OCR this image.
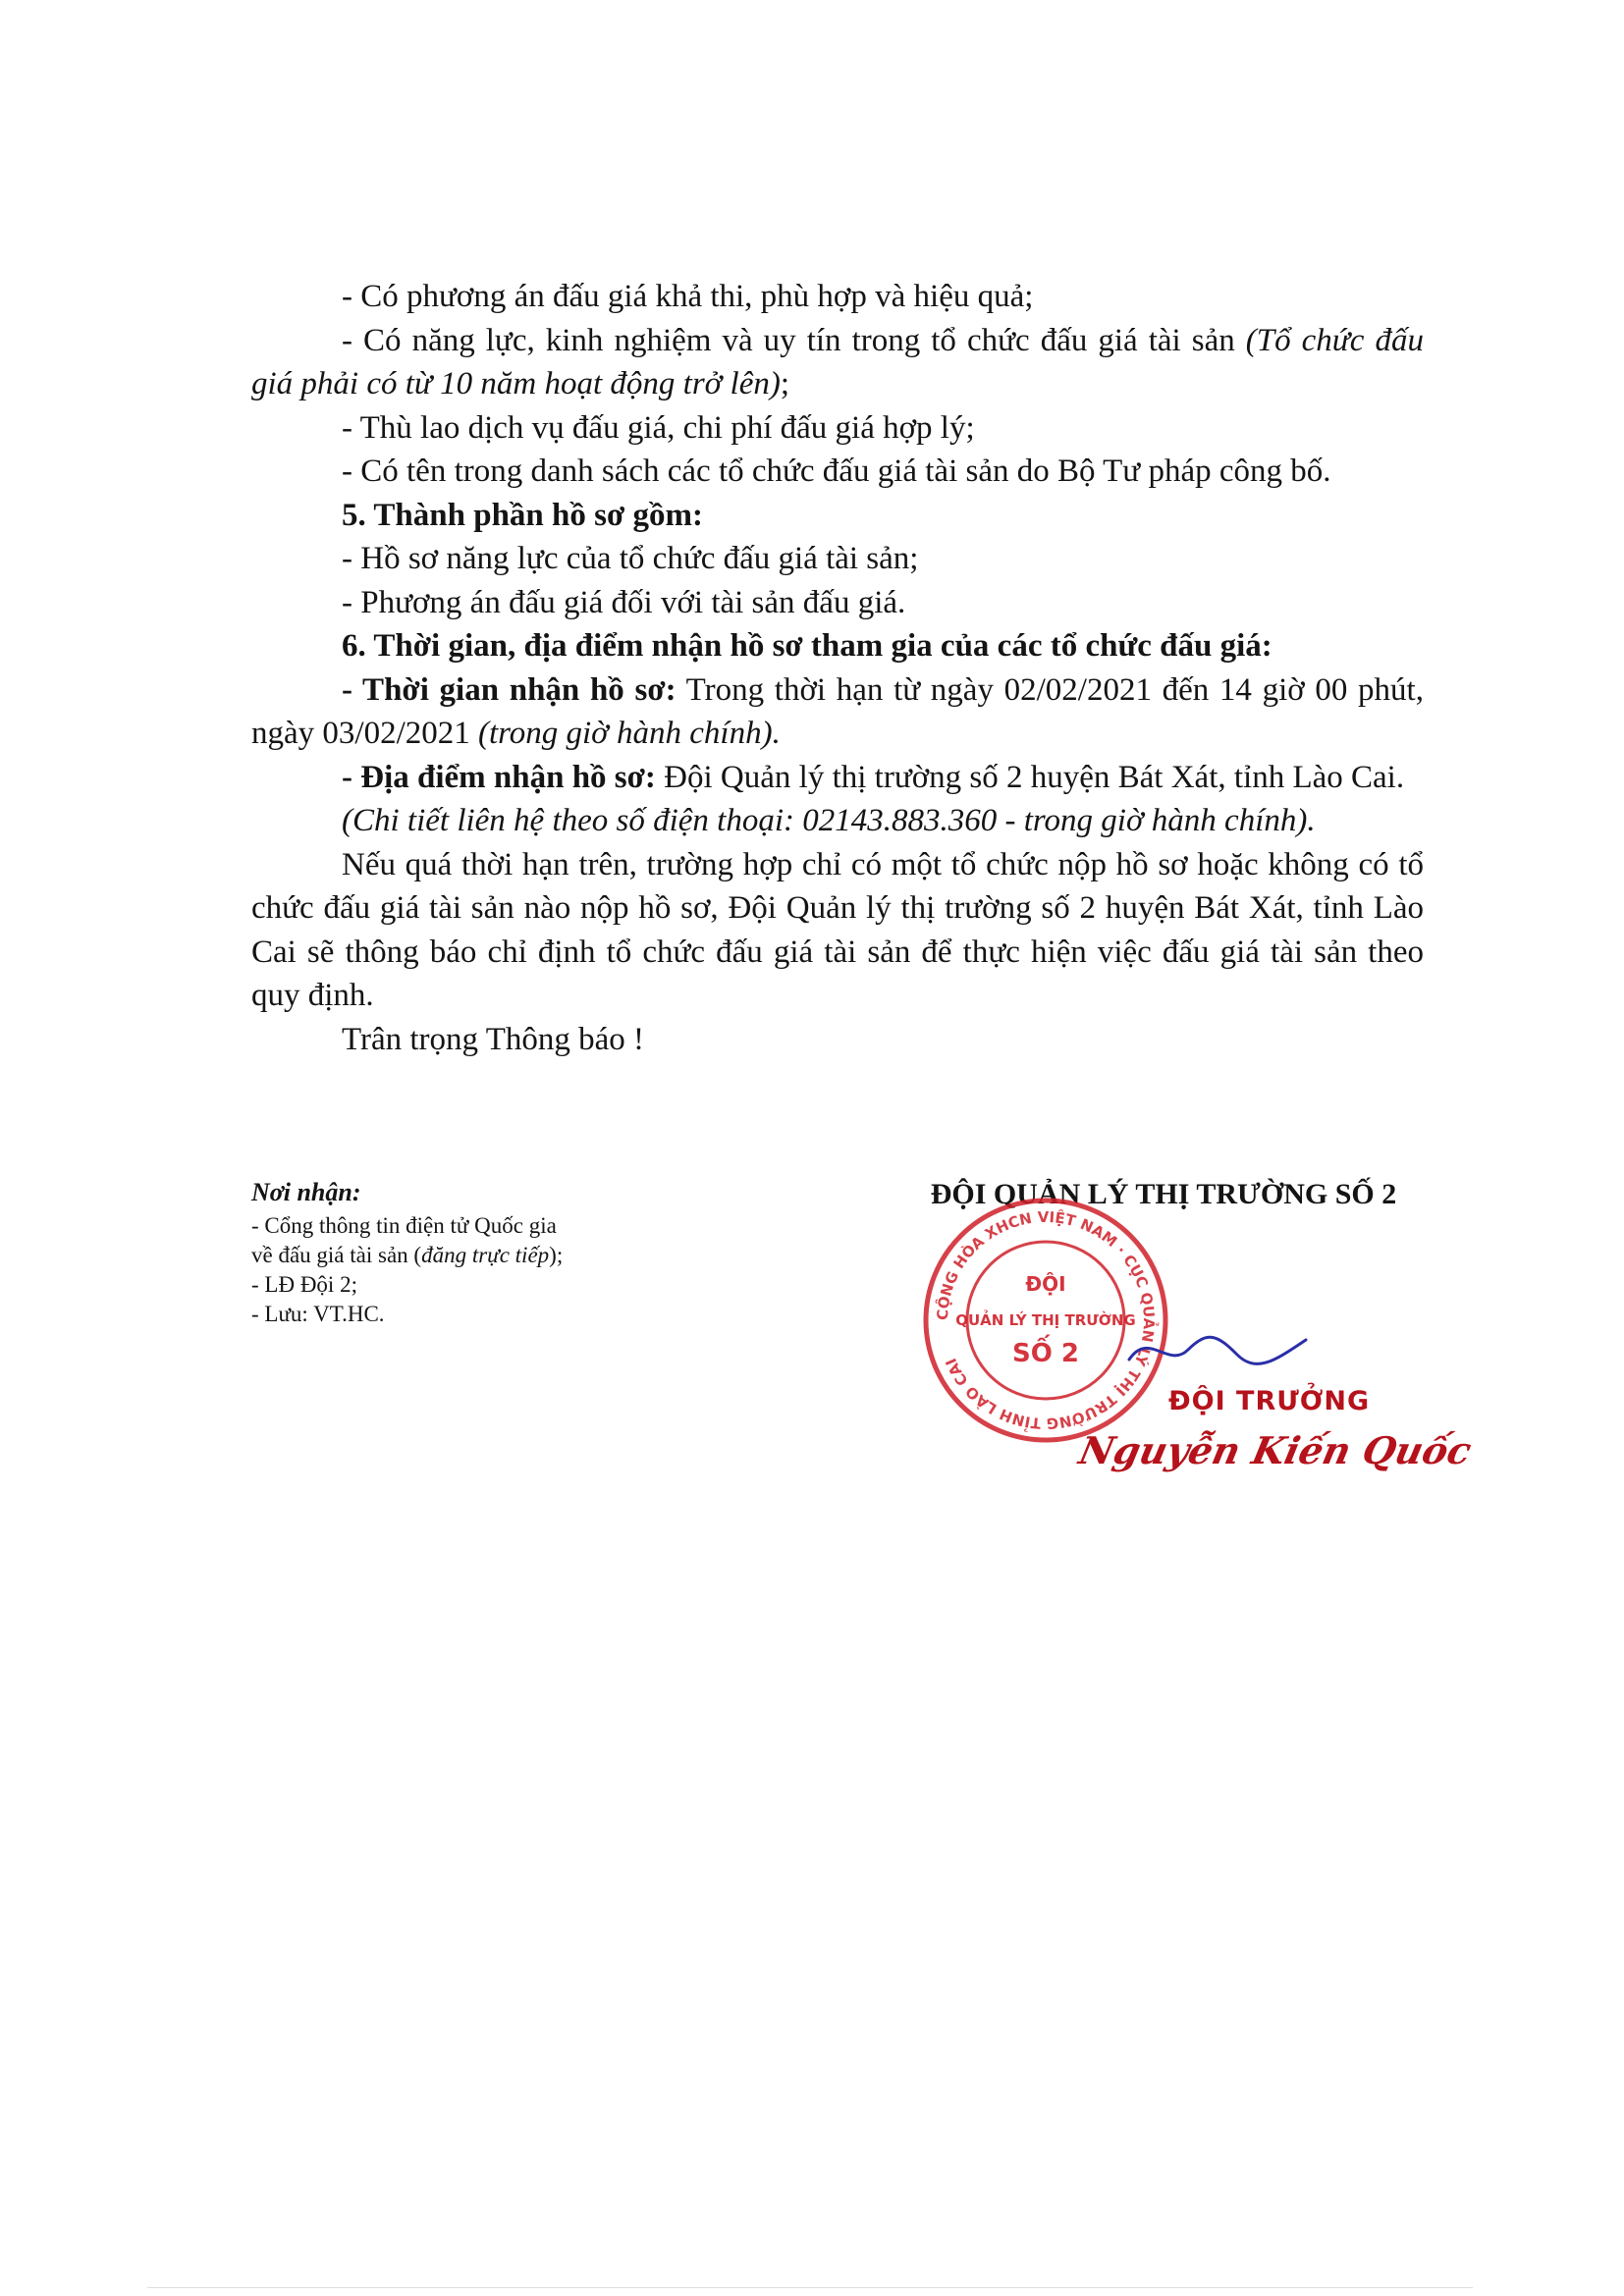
- Có phương án đấu giá khả thi, phù hợp và hiệu quả;

- Có năng lực, kinh nghiệm và uy tín trong tổ chức đấu giá tài sản (Tổ chức đấu giá phải có từ 10 năm hoạt động trở lên);

- Thù lao dịch vụ đấu giá, chi phí đấu giá hợp lý;

- Có tên trong danh sách các tổ chức đấu giá tài sản do Bộ Tư pháp công bố.

5. Thành phần hồ sơ gồm:

- Hồ sơ năng lực của tổ chức đấu giá tài sản;

- Phương án đấu giá đối với tài sản đấu giá.

6. Thời gian, địa điểm nhận hồ sơ tham gia của các tổ chức đấu giá:

- Thời gian nhận hồ sơ: Trong thời hạn từ ngày 02/02/2021 đến 14 giờ 00 phút, ngày 03/02/2021 (trong giờ hành chính).

- Địa điểm nhận hồ sơ: Đội Quản lý thị trường số 2 huyện Bát Xát, tỉnh Lào Cai.

(Chi tiết liên hệ theo số điện thoại: 02143.883.360 - trong giờ hành chính).

Nếu quá thời hạn trên, trường hợp chỉ có một tổ chức nộp hồ sơ hoặc không có tổ chức đấu giá tài sản nào nộp hồ sơ, Đội Quản lý thị trường số 2 huyện Bát Xát, tỉnh Lào Cai sẽ thông báo chỉ định tổ chức đấu giá tài sản để thực hiện việc đấu giá tài sản theo quy định.

Trân trọng Thông báo !

Nơi nhận:
- Cổng thông tin điện tử Quốc gia
về đấu giá tài sản (đăng trực tiếp);
- LĐ Đội 2;
- Lưu: VT.HC.
ĐỘI QUẢN LÝ THỊ TRƯỜNG SỐ 2
CỘNG HÒA XHCN VIỆT NAM · CỤC QUẢN LÝ THỊ TRƯỜNG TỈNH LÀO CAI
ĐỘI
QUẢN LÝ THỊ TRƯỜNG
SỐ 2
ĐỘI TRƯỞNG
Nguyễn Kiến Quốc
